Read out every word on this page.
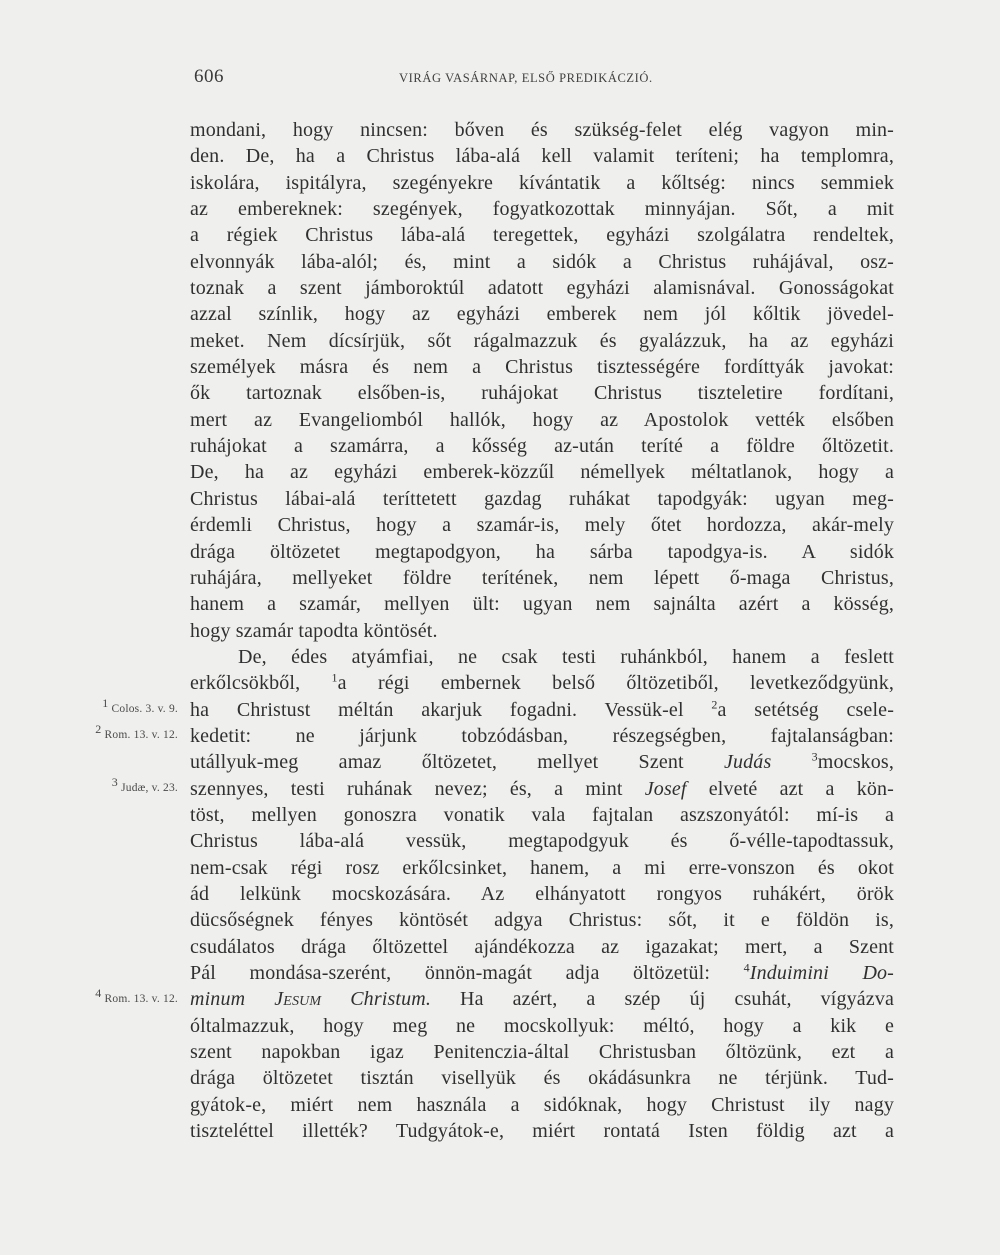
606	VIRÁG VASÁRNAP, ELSŐ PREDIKÁCZIÓ.
1 Colos. 3. v. 9.
2 Rom. 13. v. 12.
3 Judæ, v. 23.
4 Rom. 13. v. 12.
mondani, hogy nincsen: bőven és szükség-felet elég vagyon min-
den. De, ha a Christus lába-alá kell valamit teríteni; ha templomra,
iskolára, ispitályra, szegényekre kívántatik a kőltség: nincs semmiek
az embereknek: szegények, fogyatkozottak minnyájan. Sőt, a mit
a régiek Christus lába-alá teregettek, egyházi szolgálatra rendeltek,
elvonnyák lába-alól; és, mint a sidók a Christus ruhájával, osz-
toznak a szent jámboroktúl adatott egyházi alamisnával. Gonosságokat
azzal színlik, hogy az egyházi emberek nem jól kőltik jövedel-
meket. Nem dícsírjük, sőt rágalmazzuk és gyalázzuk, ha az egyházi
személyek másra és nem a Christus tisztességére fordíttyák javokat:
ők tartoznak elsőben-is, ruhájokat Christus tiszteletire fordítani,
mert az Evangeliomból hallók, hogy az Apostolok vették elsőben
ruhájokat a szamárra, a kősség az-után teríté a földre őltözetit.
De, ha az egyházi emberek-közzűl némellyek méltatlanok, hogy a
Christus lábai-alá teríttetett gazdag ruhákat tapodgyák: ugyan meg-
érdemli Christus, hogy a szamár-is, mely őtet hordozza, akár-mely
drága öltözetet megtapodgyon, ha sárba tapodgya-is. A sidók
ruhájára, mellyeket földre terítének, nem lépett ő-maga Christus,
hanem a szamár, mellyen ült: ugyan nem sajnálta azért a kösség,
hogy szamár tapodta köntösét.
De, édes atyámfiai, ne csak testi ruhánkból, hanem a feslett
erkőlcsökből,	$^1$a régi embernek belső őltözetiből, levetkeződgyünk,
ha Christust méltán akarjuk fogadni. Vessük-el $^2$a setétség csele-
kedetit: ne járjunk tobzódásban, részegségben, fajtalanságban:
utállyuk-meg amaz őltözetet, mellyet Szent Judás	$^3$mocskos,
szennyes, testi ruhának nevez; és, a mint Josef elveté azt a kön-
töst, mellyen gonoszra vonatik vala fajtalan aszszonyától: mí-is a
Christus lába-alá vessük, megtapodgyuk és ő-vélle-tapodtassuk,
nem-csak régi rosz erkőlcsinket, hanem, a mi erre-vonszon és okot
ád lelkünk mocskozására. Az elhányatott rongyos ruhákért, örök
dücsőségnek fényes köntösét adgya Christus: sőt, it e földön is,
csudálatos drága őltözettel ajándékozza az igazakat; mert, a Szent
Pál mondása-szerént, önnön-magát adja öltözetül:	$^4$Induimini Do-
minum Jesum Christum. Ha azért, a szép új csuhát, vígyázva
óltalmazzuk, hogy meg ne mocskollyuk: méltó, hogy a kik e
szent napokban igaz Penitenczia-által Christusban őltözünk, ezt a
drága öltözetet tisztán visellyük és okádásunkra ne térjünk. Tud-
gyátok-e, miért nem használa a sidóknak, hogy Christust ily nagy
tiszteléttel illették? Tudgyátok-e, miért rontatá Isten földig azt a
